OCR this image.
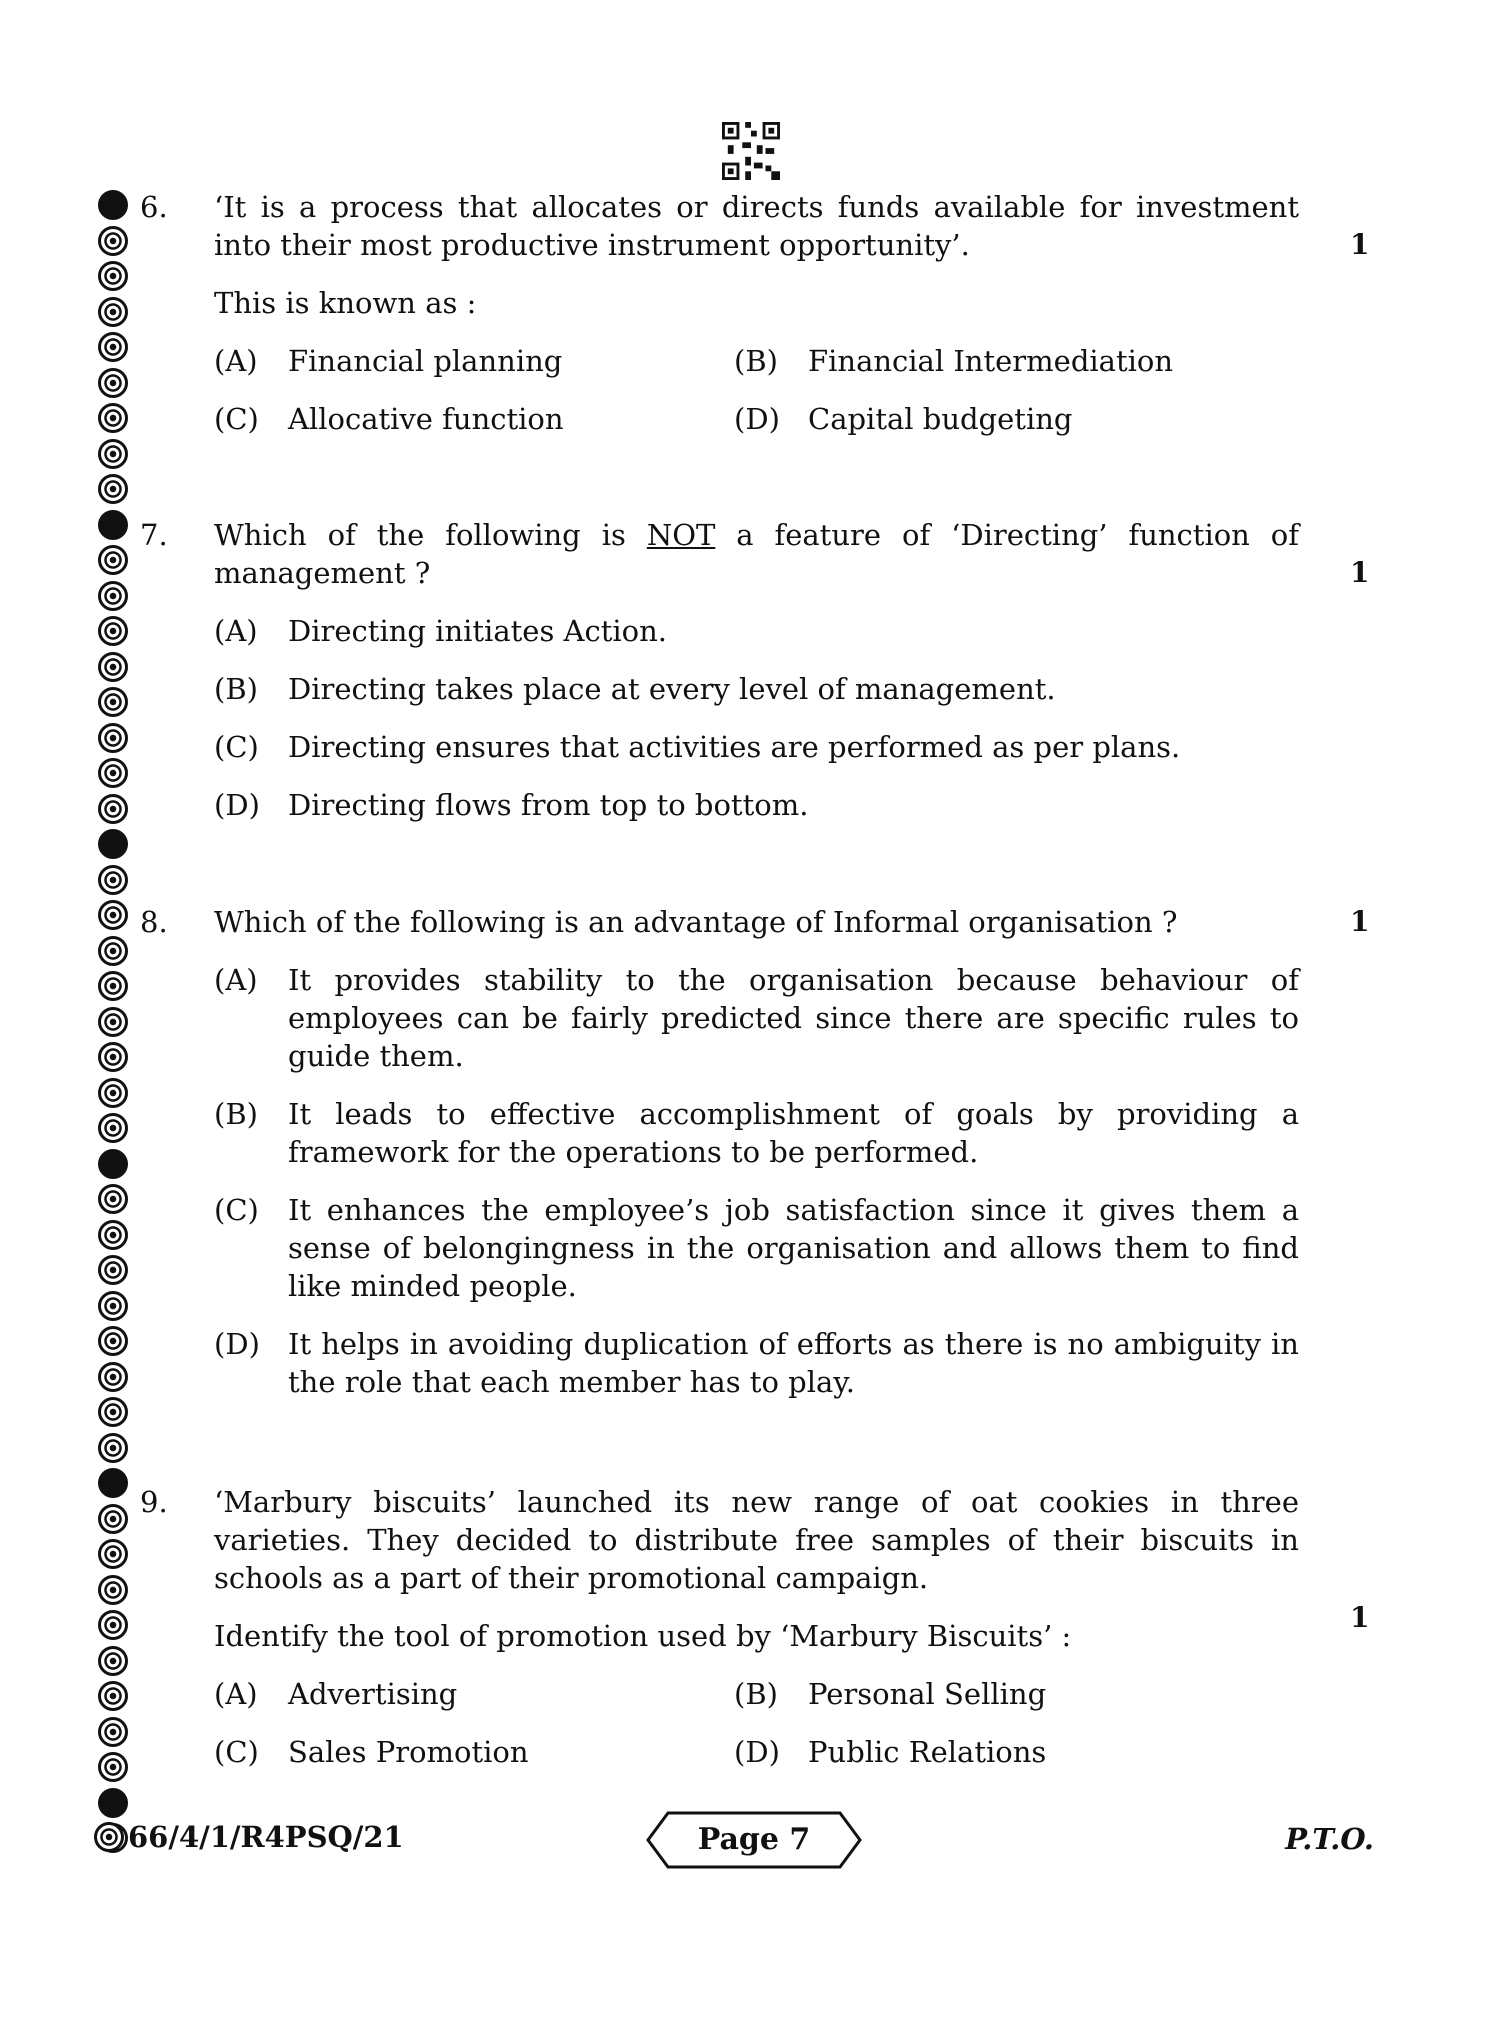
6.	‘It is a process that allocates or directs funds available for investment into their most productive instrument opportunity’.
This is known as :
(A) Financial planning	(B) Financial Intermediation
(C) Allocative function	(D) Capital budgeting
1
7.	Which of the following is NOT a feature of ‘Directing’ function of management ?
(A) Directing initiates Action.
(B) Directing takes place at every level of management.
(C) Directing ensures that activities are performed as per plans.
(D) Directing flows from top to bottom.
1
8.	Which of the following is an advantage of Informal organisation ?
(A) It provides stability to the organisation because behaviour of employees can be fairly predicted since there are specific rules to guide them.
(B) It leads to effective accomplishment of goals by providing a framework for the operations to be performed.
(C) It enhances the employee’s job satisfaction since it gives them a sense of belongingness in the organisation and allows them to find like minded people.
(D) It helps in avoiding duplication of efforts as there is no ambiguity in the role that each member has to play.
1
9.	‘Marbury biscuits’ launched its new range of oat cookies in three varieties. They decided to distribute free samples of their biscuits in schools as a part of their promotional campaign.
Identify the tool of promotion used by ‘Marbury Biscuits’ :
(A) Advertising	(B) Personal Selling
(C) Sales Promotion	(D) Public Relations
1
66/4/1/R4PSQ/21	Page 7	P.T.O.
